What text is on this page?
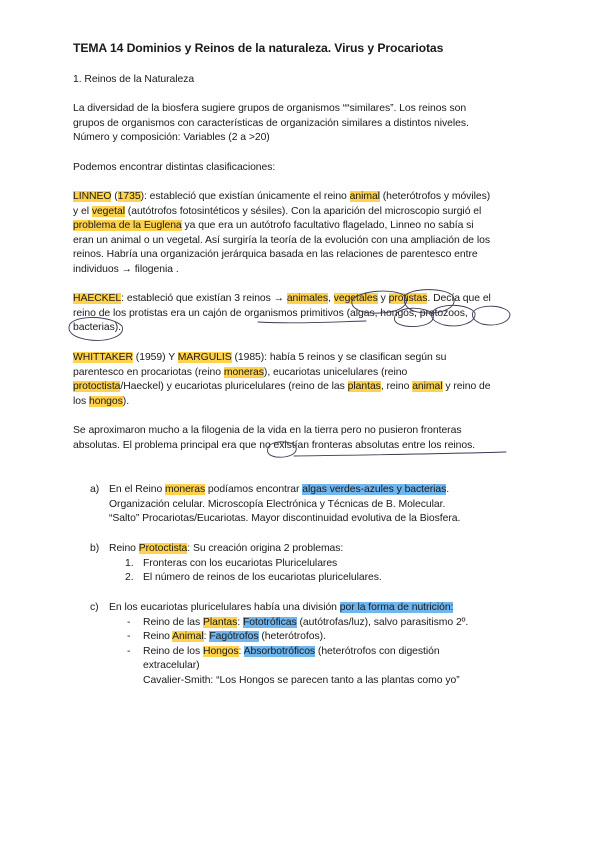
TEMA 14 Dominios y Reinos de la naturaleza. Virus y Procariotas
1. Reinos de la Naturaleza
La diversidad de la biosfera sugiere grupos de organismos ““similares”. Los reinos son
grupos de organismos con características de organización similares a distintos niveles.
Número y composición: Variables (2 a >20)
Podemos encontrar distintas clasificaciones:
LINNEO (1735): estableció que existían únicamente el reino animal (heterótrofos y móviles)
y el vegetal (autótrofos fotosintéticos y sésiles). Con la aparición del microscopio surgió el
problema de la Euglena ya que era un autótrofo facultativo flagelado, Linneo no sabía si
eran un animal o un vegetal. Así surgiría la teoría de la evolución con una ampliación de los
reinos. Habría una organización jerárquica basada en las relaciones de parentesco entre
individuos → filogenia .
HAECKEL: estableció que existían 3 reinos → animales, vegetales y protistas. Decía que el
reino de los protistas era un cajón de organismos primitivos (algas, hongos, protozoos,
bacterias).
WHITTAKER (1959) Y MARGULIS (1985): había 5 reinos y se clasifican según su
parentesco en procariotas (reino moneras), eucariotas unicelulares (reino
protoctista/Haeckel) y eucariotas pluricelulares (reino de las plantas, reino animal y reino de
los hongos).
Se aproximaron mucho a la filogenia de la vida en la tierra pero no pusieron fronteras
absolutas. El problema principal era que no existían fronteras absolutas entre los reinos.
a) En el Reino moneras podíamos encontrar algas verdes-azules y bacterias.
Organización celular. Microscopía Electrónica y Técnicas de B. Molecular.
“Salto” Procariotas/Eucariotas. Mayor discontinuidad evolutiva de la Biosfera.
b) Reino Protoctista: Su creación origina 2 problemas:
1. Fronteras con los eucariotas Pluricelulares
2. El número de reinos de los eucariotas pluricelulares.
c)	En los eucariotas pluricelulares había una división por la forma de nutrición:
- Reino de las Plantas: Fototróficas (autótrofas/luz), salvo parasitismo 2º.
- Reino Animal: Fagótrofos (heterótrofos).
- Reino de los Hongos: Absorbotróficos (heterótrofos con digestión
extracelular)
Cavalier-Smith: “Los Hongos se parecen tanto a las plantas como yo”
